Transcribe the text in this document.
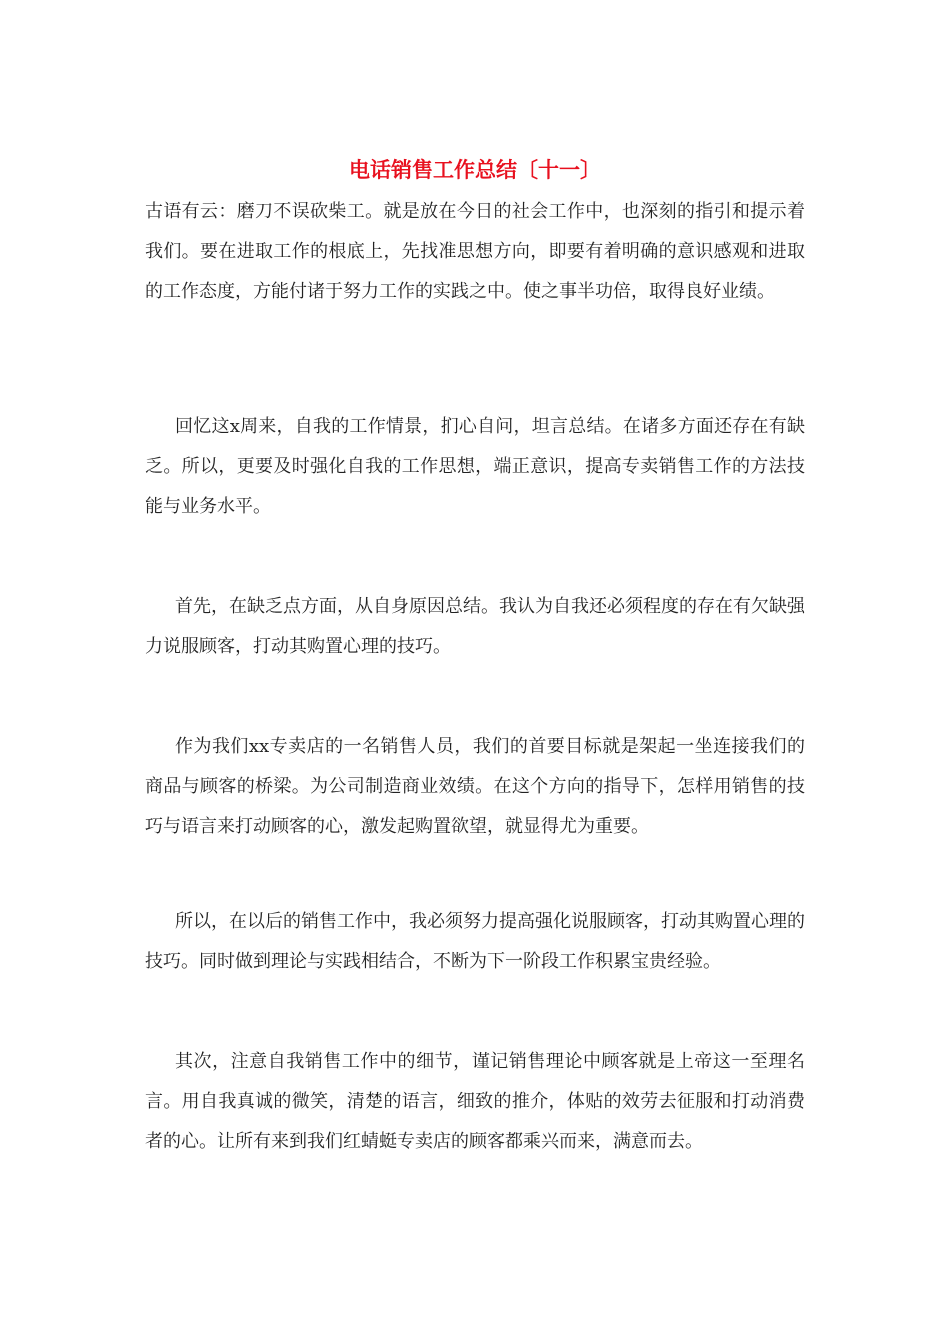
电话销售工作总结〔十一〕

古语有云：磨刀不误砍柴工。就是放在今日的社会工作中，也深刻的指引和提示着我们。要在进取工作的根底上，先找准思想方向，即要有着明确的意识感观和进取的工作态度，方能付诸于努力工作的实践之中。使之事半功倍，取得良好业绩。

回忆这x周来，自我的工作情景，扪心自问，坦言总结。在诸多方面还存在有缺乏。所以，更要及时强化自我的工作思想，端正意识，提高专卖销售工作的方法技能与业务水平。

首先，在缺乏点方面，从自身原因总结。我认为自我还必须程度的存在有欠缺强力说服顾客，打动其购置心理的技巧。

作为我们xx专卖店的一名销售人员，我们的首要目标就是架起一坐连接我们的商品与顾客的桥梁。为公司制造商业效绩。在这个方向的指导下，怎样用销售的技巧与语言来打动顾客的心，激发起购置欲望，就显得尤为重要。

所以，在以后的销售工作中，我必须努力提高强化说服顾客，打动其购置心理的技巧。同时做到理论与实践相结合，不断为下一阶段工作积累宝贵经验。

其次，注意自我销售工作中的细节，谨记销售理论中顾客就是上帝这一至理名言。用自我真诚的微笑，清楚的语言，细致的推介，体贴的效劳去征服和打动消费者的心。让所有来到我们红蜻蜓专卖店的顾客都乘兴而来，满意而去。
